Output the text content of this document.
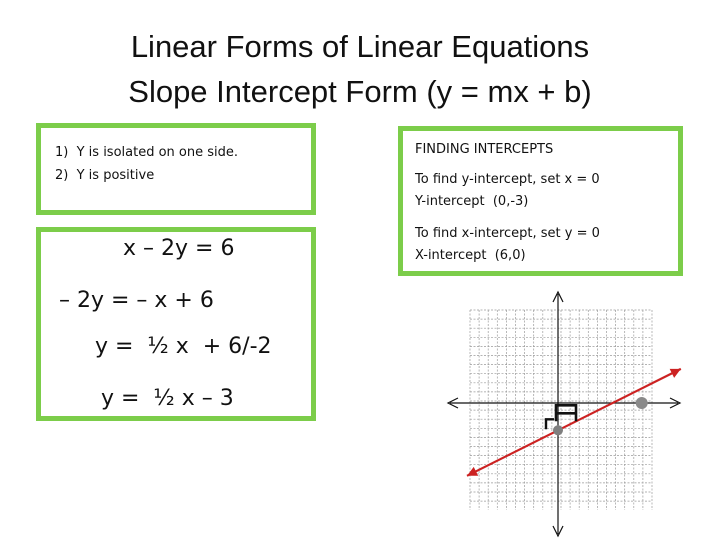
Linear Forms of Linear Equations
Slope Intercept Form (y = mx + b)
1)  Y is isolated on one side.
2)  Y is positive
FINDING INTERCEPTS
To find y-intercept, set x = 0
Y-intercept  (0,-3)
To find x-intercept, set y = 0
X-intercept  (6,0)
x – 2y = 6
– 2y = – x + 6
y =  ½ x  + 6/-2
y =  ½ x – 3
